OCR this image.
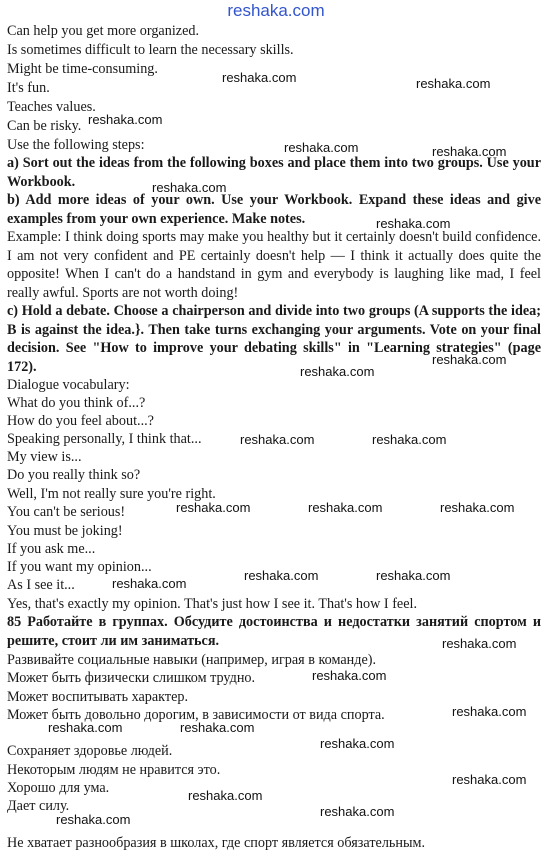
reshaka.com
Can help you get more organized.
Is sometimes difficult to learn the necessary skills.
Might be time-consuming.
It's fun.
Teaches values.
Can be risky.
Use the following steps:
a) Sort out the ideas from the following boxes and place them into two groups. Use your Workbook.
b) Add more ideas of your own. Use your Workbook. Expand these ideas and give examples from your own experience. Make notes.
Example: I think doing sports may make you healthy but it certainly doesn't build confidence. I am not very confident and PE certainly doesn't help — I think it actually does quite the opposite! When I can't do a handstand in gym and everybody is laughing like mad, I feel really awful. Sports are not worth doing!
c) Hold a debate. Choose a chairperson and divide into two groups (A supports the idea; B is against the idea.}. Then take turns exchanging your arguments. Vote on your final decision. See "How to improve your debating skills" in "Learning strategies" (page 172).
Dialogue vocabulary:
What do you think of...?
How do you feel about...?
Speaking personally, I think that...
My view is...
Do you really think so?
Well, I'm not really sure you're right.
You can't be serious!
You must be joking!
If you ask me...
If you want my opinion...
As I see it...
Yes, that's exactly my opinion. That's just how I see it. That's how I feel.
85 Работайте в группах. Обсудите достоинства и недостатки занятий спортом и решите, стоит ли им заниматься.
Развивайте социальные навыки (например, играя в команде).
Может быть физически слишком трудно.
Может воспитывать характер.
Может быть довольно дорогим, в зависимости от вида спорта.
Сохраняет здоровье людей.
Некоторым людям не нравится это.
Хорошо для ума.
Дает силу.
Не хватает разнообразия в школах, где спорт является обязательным.
reshaka.com	reshaka.com
reshaka.com
reshaka.com	reshaka.com
reshaka.com
reshaka.com
reshaka.com
reshaka.com
reshaka.com	reshaka.com
reshaka.com	reshaka.com	reshaka.com
reshaka.com	reshaka.com
reshaka.com
reshaka.com
reshaka.com
reshaka.com
reshaka.com	reshaka.com
reshaka.com
reshaka.com
reshaka.com
reshaka.com
reshaka.com
